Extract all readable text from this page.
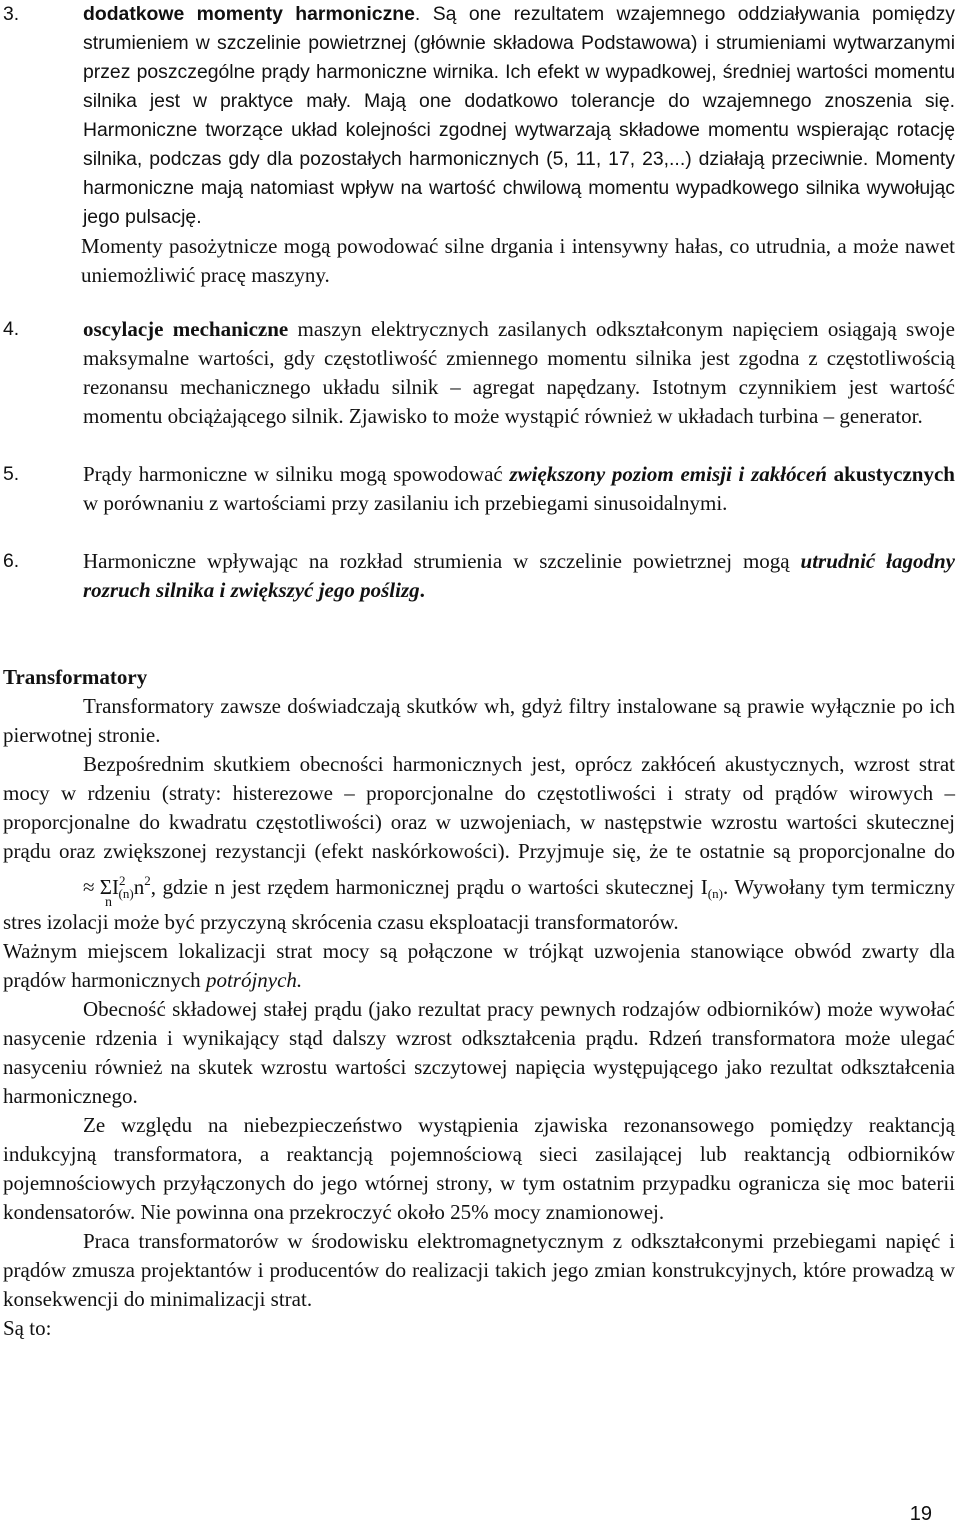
3.	dodatkowe momenty harmoniczne. Są one rezultatem wzajemnego oddziaływania pomiędzy strumieniem w szczelinie powietrznej (głównie składowa Podstawowa) i strumieniami wytwarzanymi przez poszczególne prądy harmoniczne wirnika. Ich efekt w wypadkowej, średniej wartości momentu silnika jest w praktyce mały. Mają one dodatkowo tolerancje do wzajemnego znoszenia się. Harmoniczne tworzące układ kolejności zgodnej wytwarzają składowe momentu wspierając rotację silnika, podczas gdy dla pozostałych harmonicznych (5, 11, 17, 23,...) działają przeciwnie. Momenty harmoniczne mają natomiast wpływ na wartość chwilową momentu wypadkowego silnika wywołując jego pulsację.

Momenty pasożytnicze mogą powodować silne drgania i intensywny hałas, co utrudnia, a może nawet uniemożliwić pracę maszyny.

4.	oscylacje mechaniczne maszyn elektrycznych zasilanych odkształconym napięciem osiągają swoje maksymalne wartości, gdy częstotliwość zmiennego momentu silnika jest zgodna z częstotliwością rezonansu mechanicznego układu silnik – agregat napędzany. Istotnym czynnikiem jest wartość momentu obciążającego silnik. Zjawisko to może wystąpić również w układach turbina – generator.
5.	Prądy harmoniczne w silniku mogą spowodować zwiększony poziom emisji i zakłóceń akustycznych w porównaniu z wartościami przy zasilaniu ich przebiegami sinusoidalnymi.
6.	Harmoniczne wpływając na rozkład strumienia w szczelinie powietrznej mogą utrudnić łagodny rozruch silnika i zwiększyć jego poślizg.

Transformatory

Transformatory zawsze doświadczają skutków wh, gdyż filtry instalowane są prawie wyłącznie po ich pierwotnej stronie.

Bezpośrednim skutkiem obecności harmonicznych jest, oprócz zakłóceń akustycznych, wzrost strat mocy w rdzeniu (straty: histerezowe – proporcjonalne do częstotliwości i straty od prądów wirowych – proporcjonalne do kwadratu częstotliwości) oraz w uzwojeniach, w następstwie wzrostu wartości skutecznej prądu oraz zwiększonej rezystancji (efekt naskórkowości). Przyjmuje się, że te ostatnie są proporcjonalne do ≈ Σ
n
$I^2_{(n)}n^2$, gdzie n jest rzędem harmonicznej prądu o wartości skutecznej $I_{(n)}$. Wywołany tym termiczny stres izolacji może być przyczyną skrócenia czasu eksploatacji transformatorów.

Ważnym miejscem lokalizacji strat mocy są połączone w trójkąt uzwojenia stanowiące obwód zwarty dla prądów harmonicznych potrójnych.

Obecność składowej stałej prądu (jako rezultat pracy pewnych rodzajów odbiorników) może wywołać nasycenie rdzenia i wynikający stąd dalszy wzrost odkształcenia prądu. Rdzeń transformatora może ulegać nasyceniu również na skutek wzrostu wartości szczytowej napięcia występującego jako rezultat odkształcenia harmonicznego.

Ze względu na niebezpieczeństwo wystąpienia zjawiska rezonansowego pomiędzy reaktancją indukcyjną transformatora, a reaktancją pojemnościową sieci zasilającej lub reaktancją odbiorników pojemnościowych przyłączonych do jego wtórnej strony, w tym ostatnim przypadku ogranicza się moc baterii kondensatorów. Nie powinna ona przekroczyć około 25% mocy znamionowej.

Praca transformatorów w środowisku elektromagnetycznym z odkształconymi przebiegami napięć i prądów zmusza projektantów i producentów do realizacji takich jego zmian konstrukcyjnych, które prowadzą w konsekwencji do minimalizacji strat.

Są to:

19
